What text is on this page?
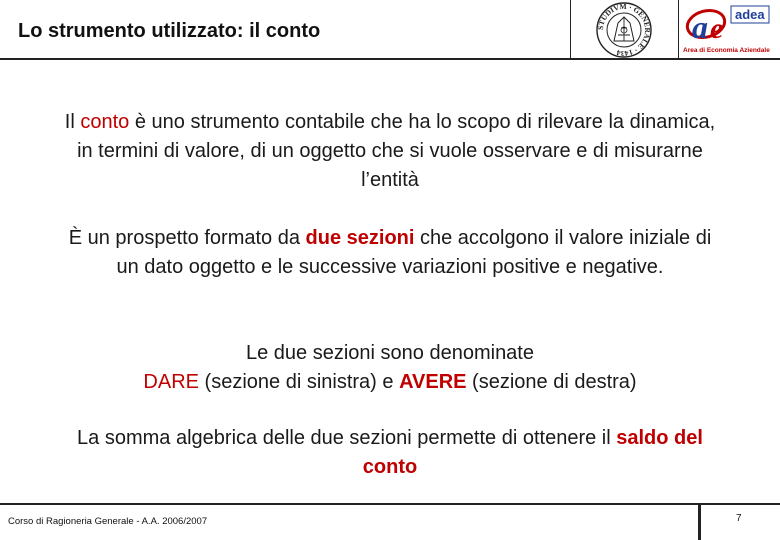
Lo strumento utilizzato: il conto	STUDIVM · GENERALE · 1434
a e adea
Area di Economia Aziendale

Il conto è uno strumento contabile che ha lo scopo di rilevare la dinamica, in termini di valore, di un oggetto che si vuole osservare e di misurarne l’entità

È un prospetto formato da due sezioni che accolgono il valore iniziale di un dato oggetto e le successive variazioni positive e negative.

Le due sezioni sono denominate
DARE (sezione di sinistra) e AVERE (sezione di destra)

La somma algebrica delle due sezioni permette di ottenere il saldo del conto

Corso di Ragioneria Generale - A.A. 2006/2007	7
